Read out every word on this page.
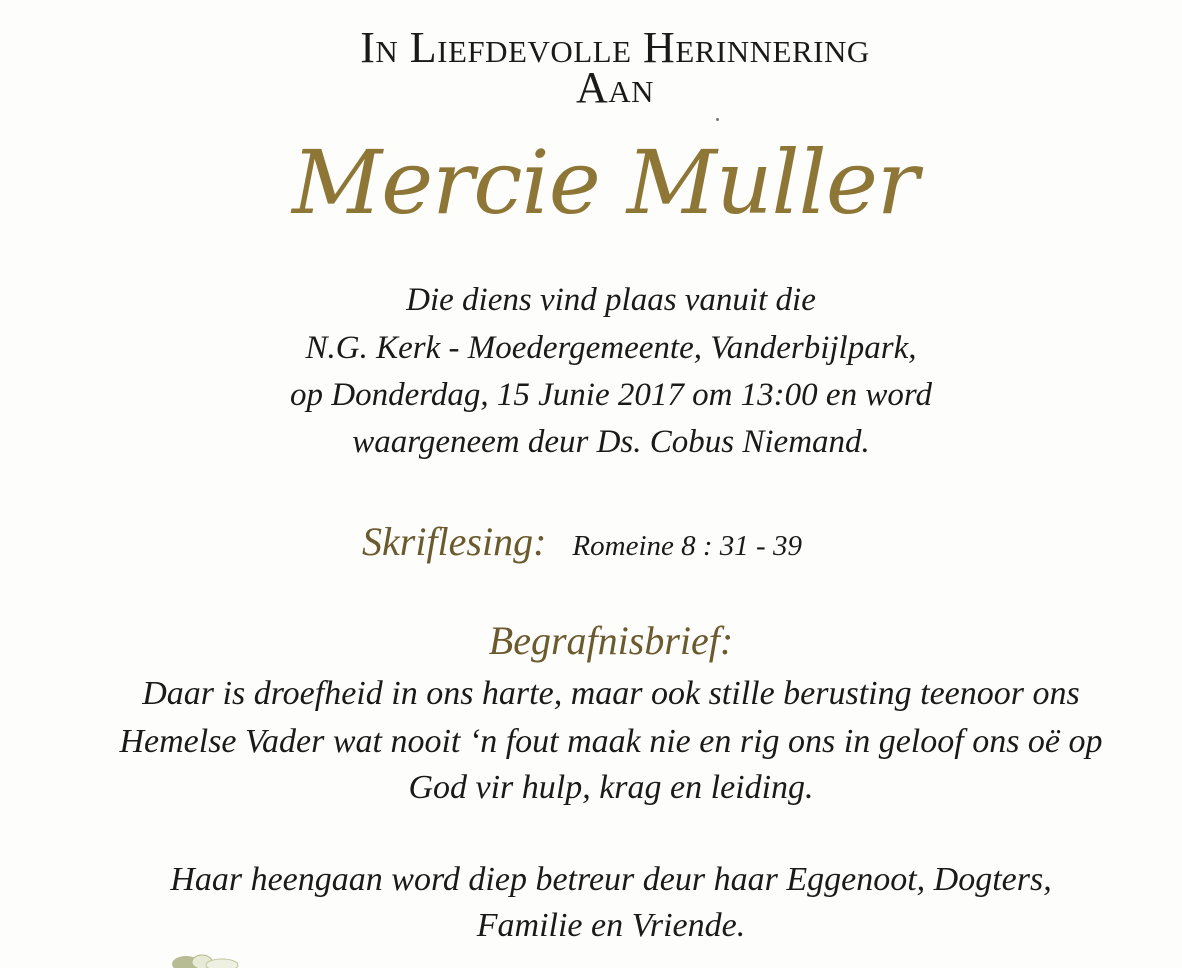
In Liefdevolle Herinnering
Aan
Mercie Muller
Die diens vind plaas vanuit die
N.G. Kerk - Moedergemeente, Vanderbijlpark,
op Donderdag, 15 Junie 2017 om 13:00 en word
waargeneem deur Ds. Cobus Niemand.
Skriflesing: Romeine 8 : 31 - 39
Begrafnisbrief:
Daar is droefheid in ons harte, maar ook stille berusting teenoor ons
Hemelse Vader wat nooit ‘n fout maak nie en rig ons in geloof ons oë op
God vir hulp, krag en leiding.
Haar heengaan word diep betreur deur haar Eggenoot, Dogters,
Familie en Vriende.
